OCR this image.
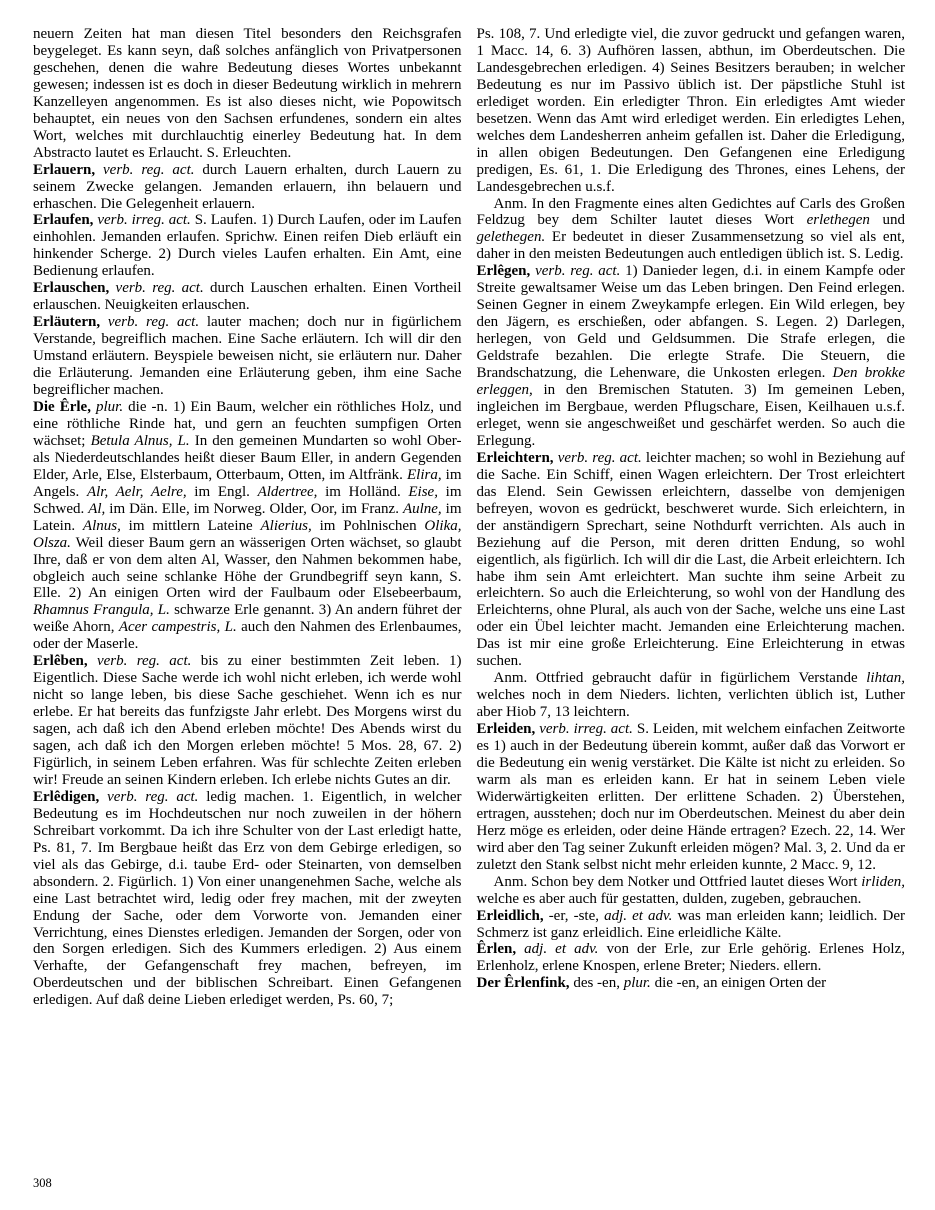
neuern Zeiten hat man diesen Titel besonders den Reichsgrafen beygeleget. Es kann seyn, daß solches anfänglich von Privatpersonen geschehen, denen die wahre Bedeutung dieses Wortes unbekannt gewesen; indessen ist es doch in dieser Bedeutung wirklich in mehrern Kanzelleyen angenommen. Es ist also dieses nicht, wie Popowitsch behauptet, ein neues von den Sachsen erfundenes, sondern ein altes Wort, welches mit durchlauchtig einerley Bedeutung hat. In dem Abstracto lautet es Erlaucht. S. Erleuchten.

Erlauern, verb. reg. act. durch Lauern erhalten, durch Lauern zu seinem Zwecke gelangen. Jemanden erlauern, ihn belauern und erhaschen. Die Gelegenheit erlauern.

Erlaufen, verb. irreg. act. S. Laufen. 1) Durch Laufen, oder im Laufen einhohlen. Jemanden erlaufen. Sprichw. Einen reifen Dieb erläuft ein hinkender Scherge. 2) Durch vieles Laufen erhalten. Ein Amt, eine Bedienung erlaufen.

Erlauschen, verb. reg. act. durch Lauschen erhalten. Einen Vortheil erlauschen. Neuigkeiten erlauschen.

Erläutern, verb. reg. act. lauter machen; doch nur in figürlichem Verstande, begreiflich machen. Eine Sache erläutern. Ich will dir den Umstand erläutern. Beyspiele beweisen nicht, sie erläutern nur. Daher die Erläuterung. Jemanden eine Erläuterung geben, ihm eine Sache begreiflicher machen.

Die Êrle, plur. die -n. 1) Ein Baum, welcher ein röthliches Holz, und eine röthliche Rinde hat, und gern an feuchten sumpfigen Orten wächset; Betula Alnus, L. In den gemeinen Mundarten so wohl Ober- als Niederdeutschlandes heißt dieser Baum Eller, in andern Gegenden Elder, Arle, Else, Elsterbaum, Otterbaum, Otten, im Altfränk. Elira, im Angels. Alr, Aelr, Aelre, im Engl. Aldertree, im Holländ. Eise, im Schwed. Al, im Dän. Elle, im Norweg. Older, Oor, im Franz. Aulne, im Latein. Alnus, im mittlern Lateine Alierius, im Pohlnischen Olika, Olsza. Weil dieser Baum gern an wässerigen Orten wächset, so glaubt Ihre, daß er von dem alten Al, Wasser, den Nahmen bekommen habe, obgleich auch seine schlanke Höhe der Grundbegriff seyn kann, S. Elle. 2) An einigen Orten wird der Faulbaum oder Elsebeerbaum, Rhamnus Frangula, L. schwarze Erle genannt. 3) An andern führet der weiße Ahorn, Acer campestris, L. auch den Nahmen des Erlenbaumes, oder der Maserle.

Erlêben, verb. reg. act. bis zu einer bestimmten Zeit leben. 1) Eigentlich. Diese Sache werde ich wohl nicht erleben, ich werde wohl nicht so lange leben, bis diese Sache geschiehet. Wenn ich es nur erlebe. Er hat bereits das funfzigste Jahr erlebt. Des Morgens wirst du sagen, ach daß ich den Abend erleben möchte! Des Abends wirst du sagen, ach daß ich den Morgen erleben möchte! 5 Mos. 28, 67. 2) Figürlich, in seinem Leben erfahren. Was für schlechte Zeiten erleben wir! Freude an seinen Kindern erleben. Ich erlebe nichts Gutes an dir.

Erlêdigen, verb. reg. act. ledig machen. 1. Eigentlich, in welcher Bedeutung es im Hochdeutschen nur noch zuweilen in der höhern Schreibart vorkommt. Da ich ihre Schulter von der Last erledigt hatte, Ps. 81, 7. Im Bergbaue heißt das Erz von dem Gebirge erledigen, so viel als das Gebirge, d.i. taube Erd- oder Steinarten, von demselben absondern. 2. Figürlich. 1) Von einer unangenehmen Sache, welche als eine Last betrachtet wird, ledig oder frey machen, mit der zweyten Endung der Sache, oder dem Vorworte von. Jemanden einer Verrichtung, eines Dienstes erledigen. Jemanden der Sorgen, oder von den Sorgen erledigen. Sich des Kummers erledigen. 2) Aus einem Verhafte, der Gefangenschaft frey machen, befreyen, im Oberdeutschen und der biblischen Schreibart. Einen Gefangenen erledigen. Auf daß deine Lieben erlediget werden, Ps. 60, 7;

Ps. 108, 7. Und erledigte viel, die zuvor gedruckt und gefangen waren, 1 Macc. 14, 6. 3) Aufhören lassen, abthun, im Oberdeutschen. Die Landesgebrechen erledigen. 4) Seines Besitzers berauben; in welcher Bedeutung es nur im Passivo üblich ist. Der päpstliche Stuhl ist erlediget worden. Ein erledigter Thron. Ein erledigtes Amt wieder besetzen. Wenn das Amt wird erlediget werden. Ein erledigtes Lehen, welches dem Landesherren anheim gefallen ist. Daher die Erledigung, in allen obigen Bedeutungen. Den Gefangenen eine Erledigung predigen, Es. 61, 1. Die Erledigung des Thrones, eines Lehens, der Landesgebrechen u.s.f.

Anm. In den Fragmente eines alten Gedichtes auf Carls des Großen Feldzug bey dem Schilter lautet dieses Wort erlethegen und gelethegen. Er bedeutet in dieser Zusammensetzung so viel als ent, daher in den meisten Bedeutungen auch entledigen üblich ist. S. Ledig.

Erlêgen, verb. reg. act. 1) Danieder legen, d.i. in einem Kampfe oder Streite gewaltsamer Weise um das Leben bringen. Den Feind erlegen. Seinen Gegner in einem Zweykampfe erlegen. Ein Wild erlegen, bey den Jägern, es erschießen, oder abfangen. S. Legen. 2) Darlegen, herlegen, von Geld und Geldsummen. Die Strafe erlegen, die Geldstrafe bezahlen. Die erlegte Strafe. Die Steuern, die Brandschatzung, die Lehenware, die Unkosten erlegen. Den brokke erleggen, in den Bremischen Statuten. 3) Im gemeinen Leben, ingleichen im Bergbaue, werden Pflugschare, Eisen, Keilhauen u.s.f. erleget, wenn sie angeschweißet und geschärfet werden. So auch die Erlegung.

Erleichtern, verb. reg. act. leichter machen; so wohl in Beziehung auf die Sache. Ein Schiff, einen Wagen erleichtern. Der Trost erleichtert das Elend. Sein Gewissen erleichtern, dasselbe von demjenigen befreyen, wovon es gedrückt, beschweret wurde. Sich erleichtern, in der anständigern Sprechart, seine Nothdurft verrichten. Als auch in Beziehung auf die Person, mit deren dritten Endung, so wohl eigentlich, als figürlich. Ich will dir die Last, die Arbeit erleichtern. Ich habe ihm sein Amt erleichtert. Man suchte ihm seine Arbeit zu erleichtern. So auch die Erleichterung, so wohl von der Handlung des Erleichterns, ohne Plural, als auch von der Sache, welche uns eine Last oder ein Übel leichter macht. Jemanden eine Erleichterung machen. Das ist mir eine große Erleichterung. Eine Erleichterung in etwas suchen.

Anm. Ottfried gebraucht dafür in figürlichem Verstande lihtan, welches noch in dem Nieders. lichten, verlichten üblich ist, Luther aber Hiob 7, 13 leichtern.

Erleiden, verb. irreg. act. S. Leiden, mit welchem einfachen Zeitworte es 1) auch in der Bedeutung überein kommt, außer daß das Vorwort er die Bedeutung ein wenig verstärket. Die Kälte ist nicht zu erleiden. So warm als man es erleiden kann. Er hat in seinem Leben viele Widerwärtigkeiten erlitten. Der erlittene Schaden. 2) Überstehen, ertragen, ausstehen; doch nur im Oberdeutschen. Meinest du aber dein Herz möge es erleiden, oder deine Hände ertragen? Ezech. 22, 14. Wer wird aber den Tag seiner Zukunft erleiden mögen? Mal. 3, 2. Und da er zuletzt den Stank selbst nicht mehr erleiden kunnte, 2 Macc. 9, 12.

Anm. Schon bey dem Notker und Ottfried lautet dieses Wort irliden, welche es aber auch für gestatten, dulden, zugeben, gebrauchen.

Erleidlich, -er, -ste, adj. et adv. was man erleiden kann; leidlich. Der Schmerz ist ganz erleidlich. Eine erleidliche Kälte.

Êrlen, adj. et adv. von der Erle, zur Erle gehörig. Erlenes Holz, Erlenholz, erlene Knospen, erlene Breter; Nieders. ellern.

Der Êrlenfink, des -en, plur. die -en, an einigen Orten der

308
